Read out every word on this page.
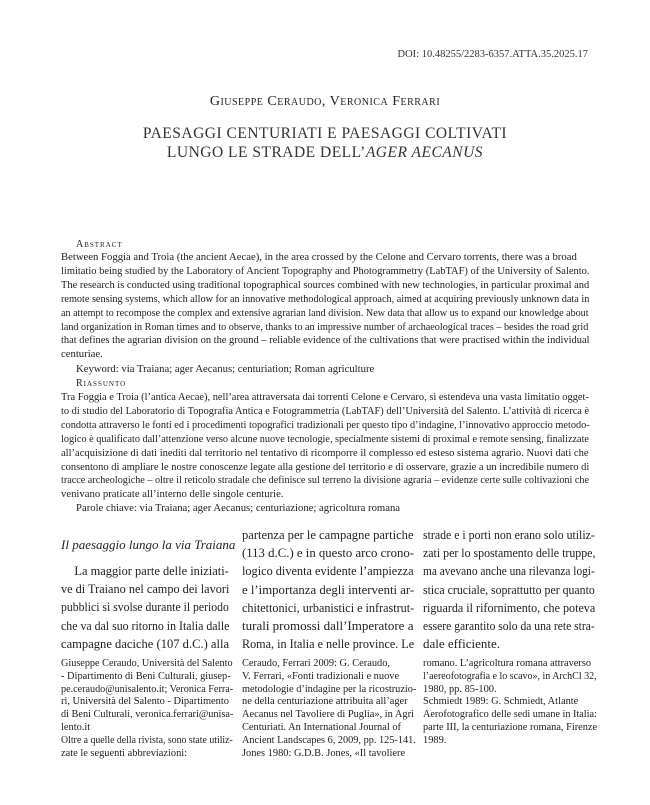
DOI: 10.48255/2283-6357.ATTA.35.2025.17
Giuseppe Ceraudo, Veronica Ferrari
PAESAGGI CENTURIATI E PAESAGGI COLTIVATI
LUNGO LE STRADE DELL’AGER AECANUS
Abstract
Between Foggia and Troia (the ancient Aecae), in the area crossed by the Celone and Cervaro torrents, there was a broad
limitatio being studied by the Laboratory of Ancient Topography and Photogrammetry (LabTAF) of the University of Salento.
The research is conducted using traditional topographical sources combined with new technologies, in particular proximal and
remote sensing systems, which allow for an innovative methodological approach, aimed at acquiring previously unknown data in
an attempt to recompose the complex and extensive agrarian land division. New data that allow us to expand our knowledge about
land organization in Roman times and to observe, thanks to an impressive number of archaeological traces – besides the road grid
that defines the agrarian division on the ground – reliable evidence of the cultivations that were practised within the individual
centuriae.
Keyword: via Traiana; ager Aecanus; centuriation; Roman agriculture
Riassunto
Tra Foggia e Troia (l’antica Aecae), nell’area attraversata dai torrenti Celone e Cervaro, si estendeva una vasta limitatio ogget-
to di studio del Laboratorio di Topografia Antica e Fotogrammetria (LabTAF) dell’Università del Salento. L’attività di ricerca è
condotta attraverso le fonti ed i procedimenti topografici tradizionali per questo tipo d’indagine, l’innovativo approccio metodo-
logico è qualificato dall’attenzione verso alcune nuove tecnologie, specialmente sistemi di proximal e remote sensing, finalizzate
all’acquisizione di dati inediti dal territorio nel tentativo di ricomporre il complesso ed esteso sistema agrario. Nuovi dati che
consentono di ampliare le nostre conoscenze legate alla gestione del territorio e di osservare, grazie a un incredibile numero di
tracce archeologiche – oltre il reticolo stradale che definisce sul terreno la divisione agraria – evidenze certe sulle coltivazioni che
venivano praticate all’interno delle singole centurie.
Parole chiave: via Traiana; ager Aecanus; centuriazione; agricoltura romana
Il paesaggio lungo la via Traiana
La maggior parte delle iniziati-
ve di Traiano nel campo dei lavori
pubblici si svolse durante il periodo
che va dal suo ritorno in Italia dalle
campagne daciche (107 d.C.) alla
partenza per le campagne partiche
(113 d.C.) e in questo arco crono-
logico diventa evidente l’ampiezza
e l’importanza degli interventi ar-
chitettonici, urbanistici e infrastrut-
turali promossi dall’Imperatore a
Roma, in Italia e nelle province. Le
strade e i porti non erano solo utiliz-
zati per lo spostamento delle truppe,
ma avevano anche una rilevanza logi-
stica cruciale, soprattutto per quanto
riguarda il rifornimento, che poteva
essere garantito solo da una rete stra-
dale efficiente.
Giuseppe Ceraudo, Università del Salento
- Dipartimento di Beni Culturali, giusep-
pe.ceraudo@unisalento.it; Veronica Ferra-
ri, Università del Salento - Dipartimento
di Beni Culturali, veronica.ferrari@unisa-
lento.it
Oltre a quelle della rivista, sono state utiliz-
zate le seguenti abbreviazioni:
Ceraudo, Ferrari 2009: G. Ceraudo,
V. Ferrari, «Fonti tradizionali e nuove
metodologie d’indagine per la ricostruzio-
ne della centuriazione attribuita all’ager
Aecanus nel Tavoliere di Puglia», in Agri
Centuriati. An International Journal of
Ancient Landscapes 6, 2009, pp. 125-141.
Jones 1980: G.D.B. Jones, «Il tavoliere
romano. L’agricoltura romana attraverso
l’aereofotografia e lo scavo», in ArchCl 32,
1980, pp. 85-100.
Schmiedt 1989: G. Schmiedt, Atlante
Aerofotografico delle sedi umane in Italia:
parte III, la centuriazione romana, Firenze
1989.
